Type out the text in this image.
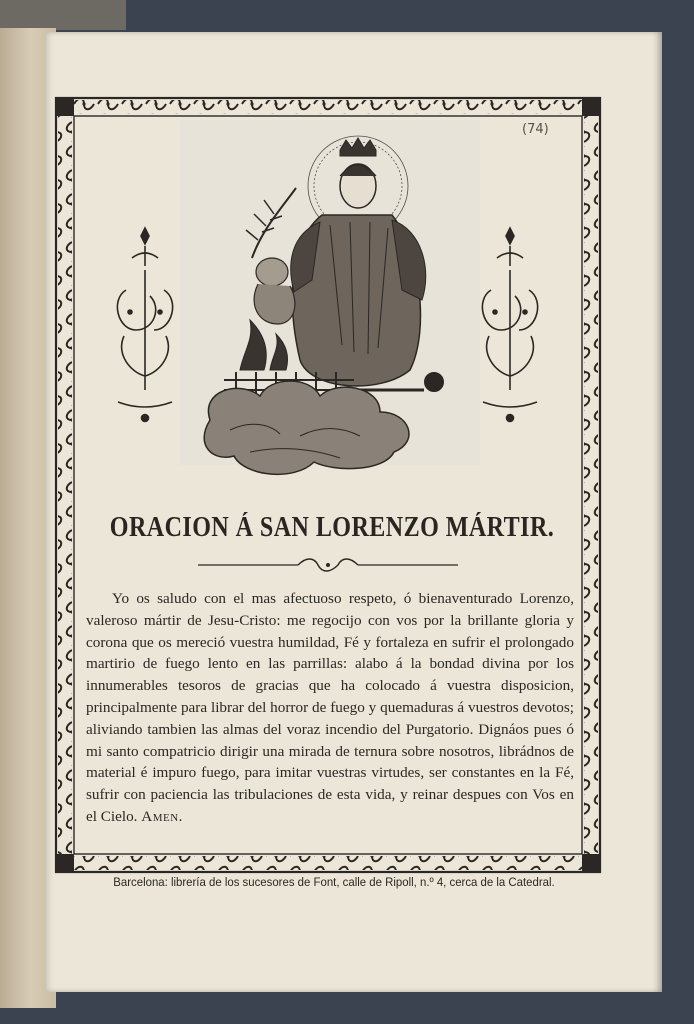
(74)
ORACION Á SAN LORENZO MÁRTIR.

Yo os saludo con el mas afectuoso respeto, ó bienaventurado Lorenzo, valeroso mártir de Jesu-Cristo: me regocijo con vos por la brillante gloria y corona que os mereció vuestra humildad, Fé y fortaleza en sufrir el prolongado martirio de fuego lento en las parrillas: alabo á la bondad divina por los innumerables tesoros de gracias que ha colocado á vuestra disposicion, principalmente para librar del horror de fuego y quemaduras á vuestros devotos; aliviando tambien las almas del voraz incendio del Purgatorio. Dignáos pues ó mi santo compatricio dirigir una mirada de ternura sobre nosotros, librádnos de material é impuro fuego, para imitar vuestras virtudes, ser constantes en la Fé, sufrir con paciencia las tribulaciones de esta vida, y reinar despues con Vos en el Cielo. Amen.

Barcelona: librería de los sucesores de Font, calle de Ripoll, n.º 4, cerca de la Catedral.
